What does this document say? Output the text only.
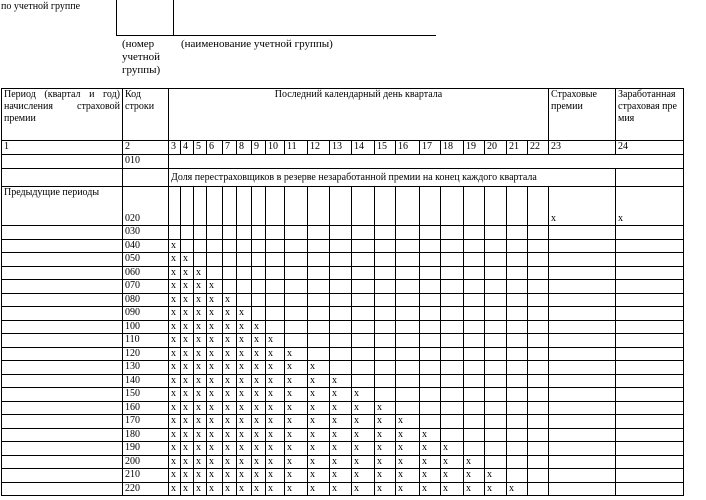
по учетной группе
(номер учетной группы)
(наименование учетной группы)
Период (квартал и год) начисления страховой премии	Код строки	Последний календарный день квартала																				Страховые премии	Заработанная страховая премия
1	2	3	4	5	6	7	8	9	10	11	12	13	14	15	16	17	18	19	20	21	22	23	24
	010																						
		Доля перестраховщиков в резерве незаработанной премии на конец каждого квартала																					
Предыдущие периоды	020																					x	x
	030																						
	040	x																					
	050	x	x																				
	060	x	x	x																			
	070	x	x	x	x																		
	080	x	x	x	x	x																	
	090	x	x	x	x	x	x																
	100	x	x	x	x	x	x	x															
	110	x	x	x	x	x	x	x	x														
	120	x	x	x	x	x	x	x	x	x													
	130	x	x	x	x	x	x	x	x	x	x												
	140	x	x	x	x	x	x	x	x	x	x	x											
	150	x	x	x	x	x	x	x	x	x	x	x	x										
	160	x	x	x	x	x	x	x	x	x	x	x	x	x									
	170	x	x	x	x	x	x	x	x	x	x	x	x	x	x								
	180	x	x	x	x	x	x	x	x	x	x	x	x	x	x	x							
	190	x	x	x	x	x	x	x	x	x	x	x	x	x	x	x	x						
	200	x	x	x	x	x	x	x	x	x	x	x	x	x	x	x	x	x					
	210	x	x	x	x	x	x	x	x	x	x	x	x	x	x	x	x	x	x				
	220	x	x	x	x	x	x	x	x	x	x	x	x	x	x	x	x	x	x	x			
